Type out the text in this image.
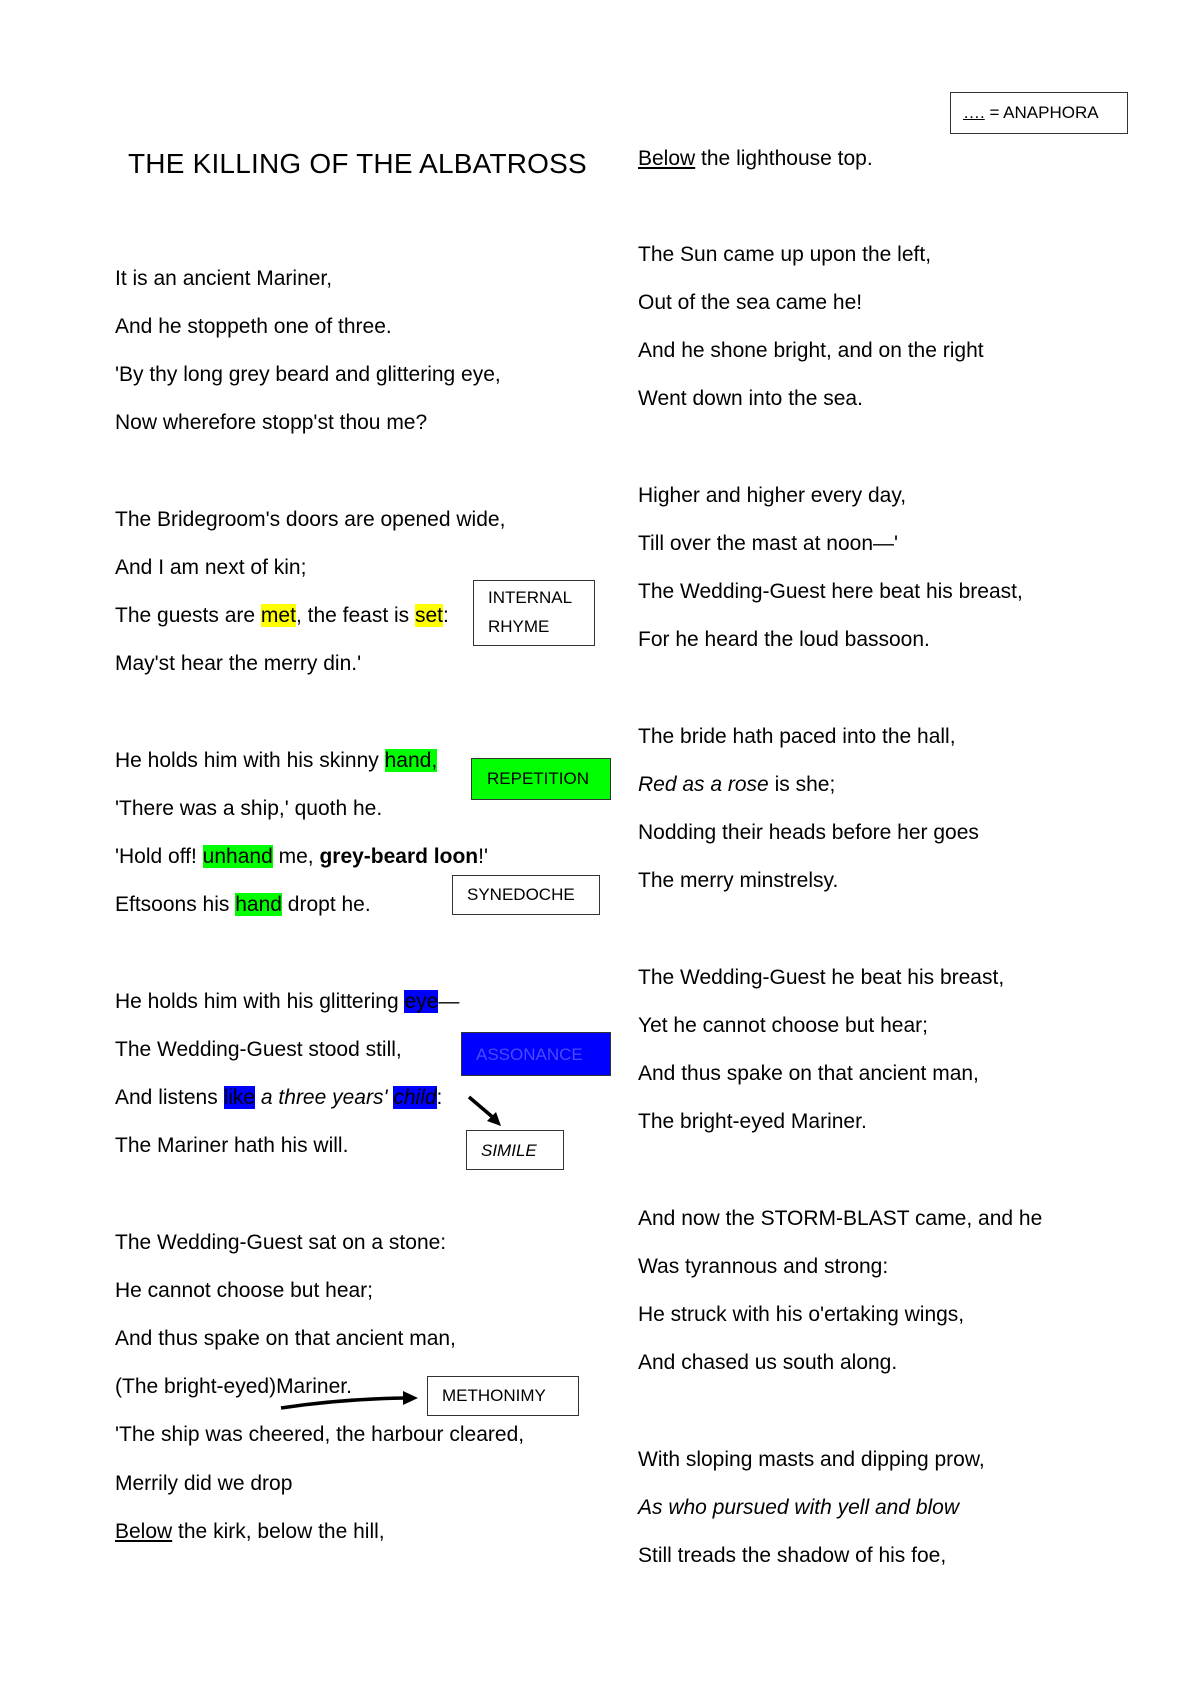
…. = ANAPHORA
THE KILLING OF THE ALBATROSS
It is an ancient Mariner,
And he stoppeth one of three.
'By thy long grey beard and glittering eye,
Now wherefore stopp'st thou me?
The Bridegroom's doors are opened wide,
And I am next of kin;
The guests are met, the feast is set:
May'st hear the merry din.'
He holds him with his skinny hand,
'There was a ship,' quoth he.
'Hold off! unhand me, grey-beard loon!'
Eftsoons his hand dropt he.
He holds him with his glittering eye—
The Wedding-Guest stood still,
And listens like a three years' child:
The Mariner hath his will.
The Wedding-Guest sat on a stone:
He cannot choose but hear;
And thus spake on that ancient man,
(The bright-eyed)Mariner.
'The ship was cheered, the harbour cleared,
Merrily did we drop
Below the kirk, below the hill,
Below the lighthouse top.
The Sun came up upon the left,
Out of the sea came he!
And he shone bright, and on the right
Went down into the sea.
Higher and higher every day,
Till over the mast at noon—'
The Wedding-Guest here beat his breast,
For he heard the loud bassoon.
The bride hath paced into the hall,
Red as a rose is she;
Nodding their heads before her goes
The merry minstrelsy.
The Wedding-Guest he beat his breast,
Yet he cannot choose but hear;
And thus spake on that ancient man,
The bright-eyed Mariner.
And now the STORM-BLAST came, and he
Was tyrannous and strong:
He struck with his o'ertaking wings,
And chased us south along.
With sloping masts and dipping prow,
As who pursued with yell and blow
Still treads the shadow of his foe,
INTERNAL
RHYME
REPETITION
SYNEDOCHE
ASSONANCE
SIMILE
METHONIMY
